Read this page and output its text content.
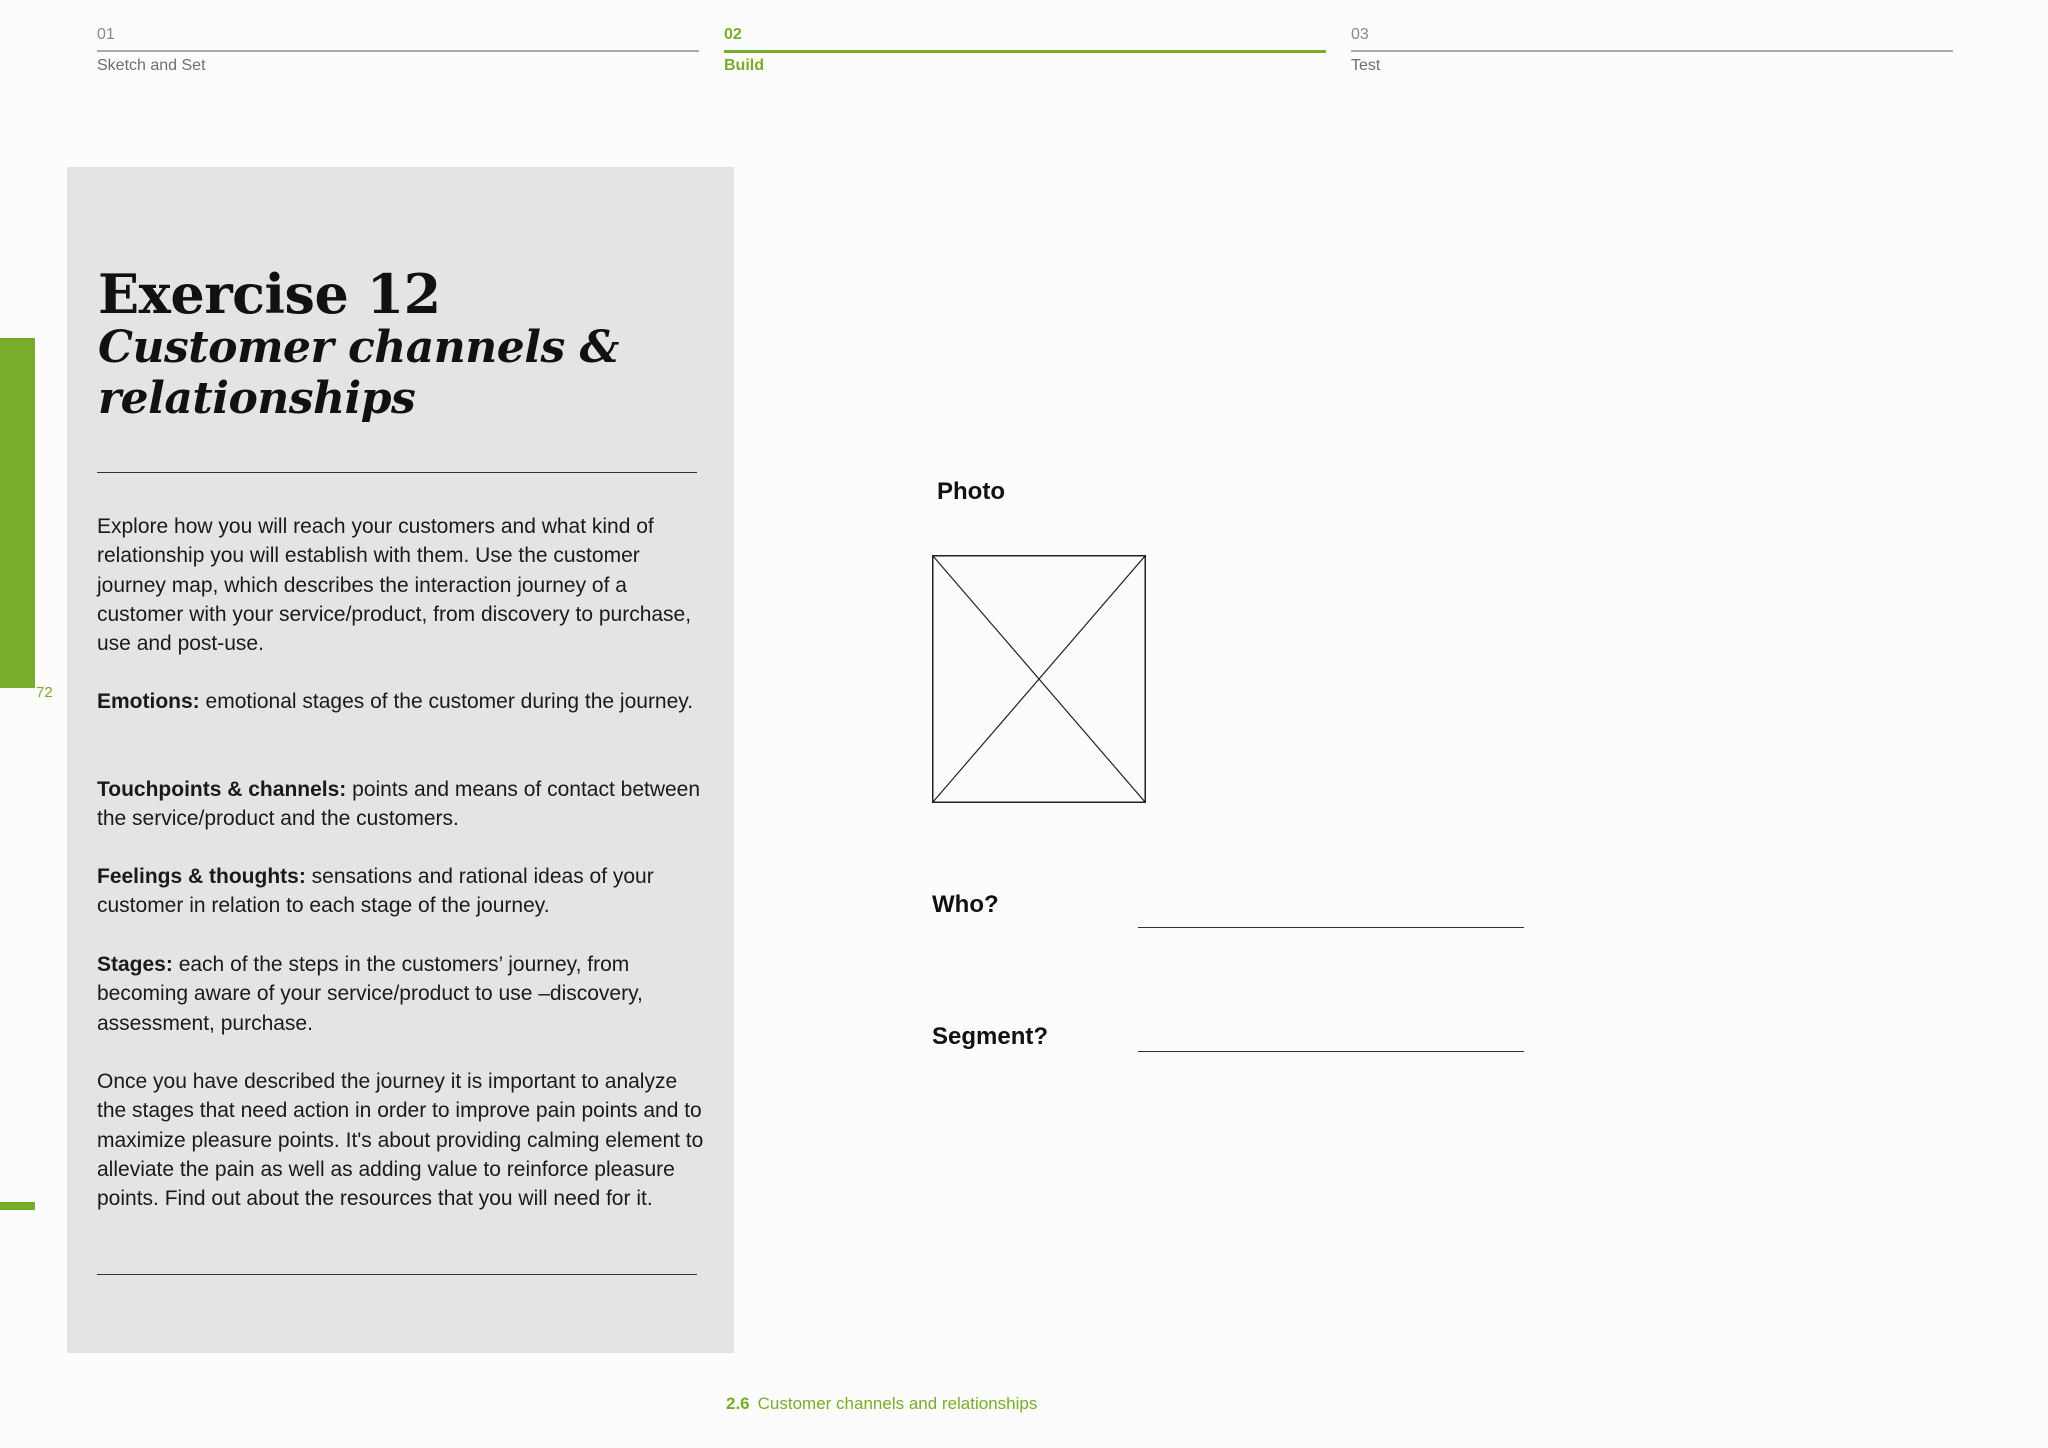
01
Sketch and Set
02
Build
03
Test
72
Exercise 12
Customer channels & relationships

Explore how you will reach your customers and what kind of relationship you will establish with them. Use the customer journey map, which describes the interaction journey of a customer with your service/product, from discovery to purchase, use and post-use.

Emotions: emotional stages of the customer during the journey.

Touchpoints & channels: points and means of contact between the service/product and the customers.

Feelings & thoughts: sensations and rational ideas of your customer in relation to each stage of the journey.

Stages: each of the steps in the customers’ journey, from becoming aware of your service/product to use –discovery, assessment, purchase.

Once you have described the journey it is important to analyze the stages that need action in order to improve pain points and to maximize pleasure points. It's about providing calming element to alleviate the pain as well as adding value to reinforce pleasure points. Find out about the resources that you will need for it.

Photo
Who?
Segment?
2.6 Customer channels and relationships
